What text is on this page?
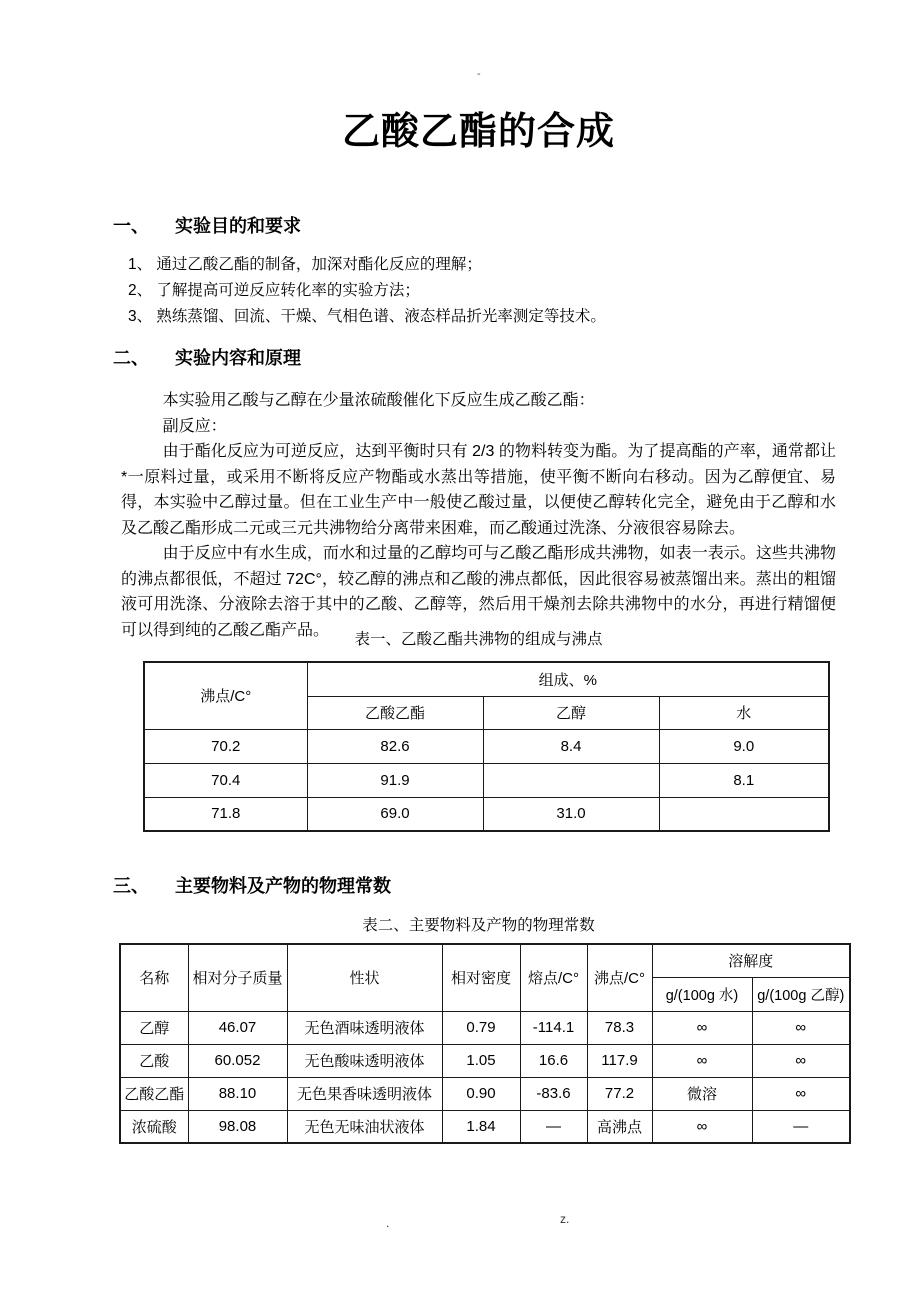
-
乙酸乙酯的合成
一、	实验目的和要求
1、 通过乙酸乙酯的制备，加深对酯化反应的理解；
2、 了解提高可逆反应转化率的实验方法；
3、 熟练蒸馏、回流、干燥、气相色谱、液态样品折光率测定等技术。
二、	实验内容和原理

本实验用乙酸与乙醇在少量浓硫酸催化下反应生成乙酸乙酯：

副反应：

由于酯化反应为可逆反应，达到平衡时只有 2/3 的物料转变为酯。为了提高酯的产率，通常都让*一原料过量，或采用不断将反应产物酯或水蒸出等措施，使平衡不断向右移动。因为乙醇便宜、易得，本实验中乙醇过量。但在工业生产中一般使乙酸过量，以便使乙醇转化完全，避免由于乙醇和水及乙酸乙酯形成二元或三元共沸物给分离带来困难，而乙酸通过洗涤、分液很容易除去。

由于反应中有水生成，而水和过量的乙醇均可与乙酸乙酯形成共沸物，如表一表示。这些共沸物的沸点都很低，不超过 72C°，较乙醇的沸点和乙酸的沸点都低，因此很容易被蒸馏出来。蒸出的粗馏液可用洗涤、分液除去溶于其中的乙酸、乙醇等，然后用干燥剂去除共沸物中的水分，再进行精馏便可以得到纯的乙酸乙酯产品。

表一、乙酸乙酯共沸物的组成与沸点
沸点/C°	组成、%		
	乙酸乙酯	乙醇	水
70.2	82.6	8.4	9.0
70.4	91.9		8.1
71.8	69.0	31.0	
三、	主要物料及产物的物理常数
表二、主要物料及产物的物理常数
名称	相对分子质量	性状	相对密度	熔点/C°	沸点/C°	溶解度	
						g/(100g 水)	g/(100g 乙醇)
乙醇	46.07	无色酒味透明液体	0.79	-114.1	78.3	∞	∞
乙酸	60.052	无色酸味透明液体	1.05	16.6	117.9	∞	∞
乙酸乙酯	88.10	无色果香味透明液体	0.90	-83.6	77.2	微溶	∞
浓硫酸	98.08	无色无味油状液体	1.84	—	高沸点	∞	—
.	z.
